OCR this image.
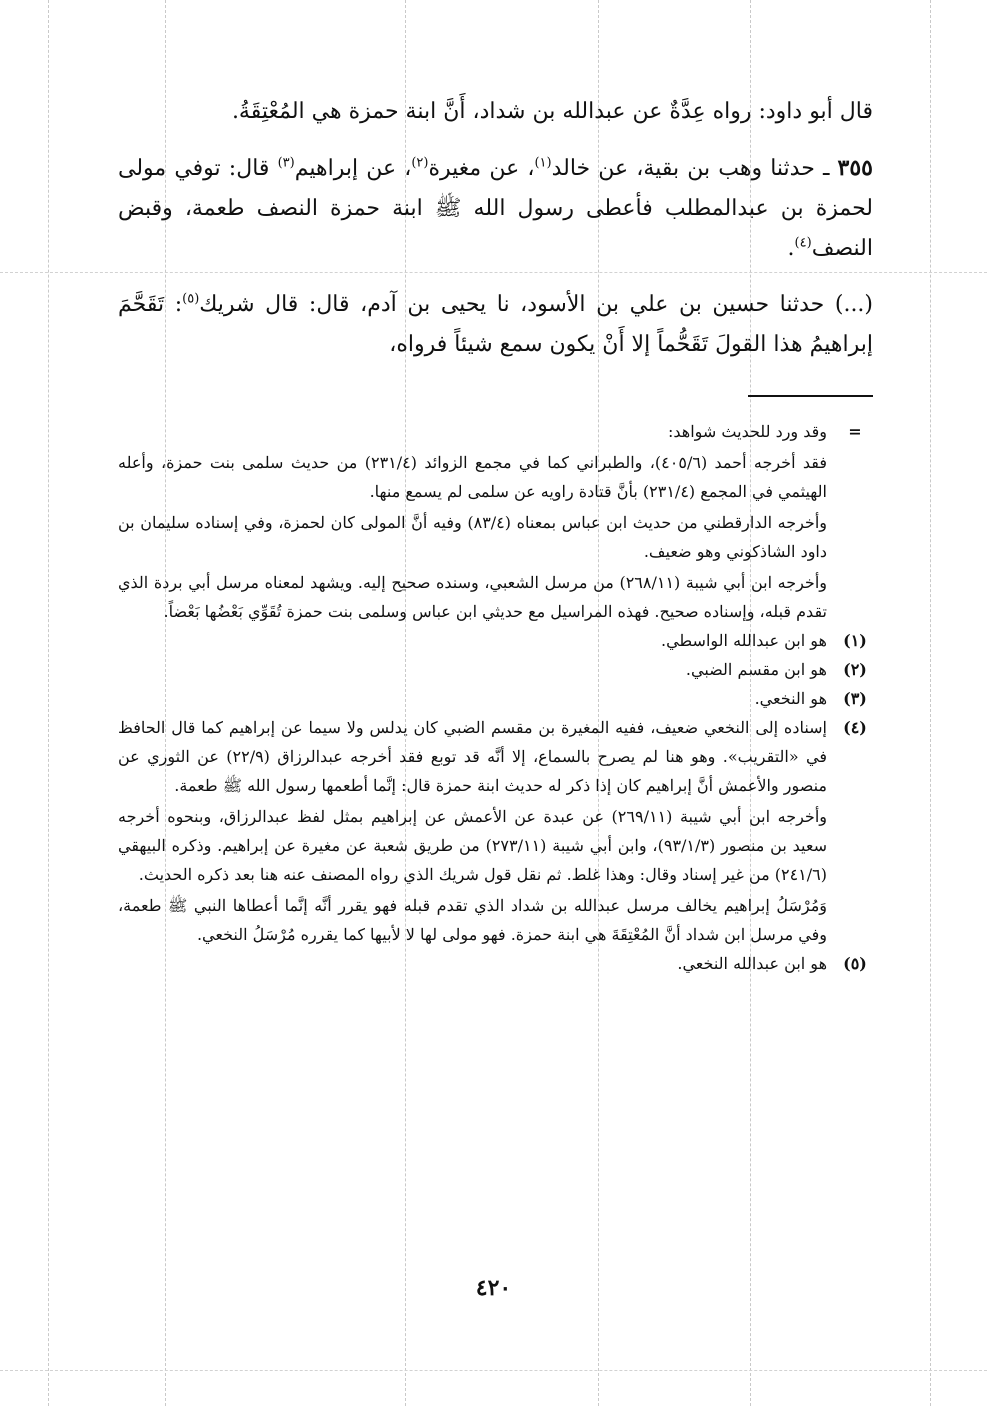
قال أبو داود: رواه عِدَّةٌ عن عبدالله بن شداد، أَنَّ ابنة حمزة هي المُعْتِقَةُ.

٣٥٥ ـ حدثنا وهب بن بقية، عن خالد$^{(١)}$، عن مغيرة$^{(٢)}$، عن إبراهيم$^{(٣)}$ قال: توفي مولى لحمزة بن عبدالمطلب فأعطى رسول الله ﷺ ابنة حمزة النصف طعمة، وقبض النصف$^{(٤)}$.

(...) حدثنا حسين بن علي بن الأسود، نا يحيى بن آدم، قال: قال شريك$^{(٥)}$: تَقَحَّمَ إبراهيمُ هذا القولَ تَقَحُّماً إلا أَنْ يكون سمع شيئاً فرواه،

=

وقد ورد للحديث شواهد:

فقد أخرجه أحمد (٤٠٥/٦)، والطبراني كما في مجمع الزوائد (٢٣١/٤) من حديث سلمى بنت حمزة، وأعله الهيثمي في المجمع (٢٣١/٤) بأنَّ قتادة راويه عن سلمى لم يسمع منها.

وأخرجه الدارقطني من حديث ابن عباس بمعناه (٨٣/٤) وفيه أنَّ المولى كان لحمزة، وفي إسناده سليمان بن داود الشاذكوني وهو ضعيف.

وأخرجه ابن أبي شيبة (٢٦٨/١١) من مرسل الشعبي، وسنده صحيح إليه. ويشهد لمعناه مرسل أبي بردة الذي تقدم قبله، وإسناده صحيح. فهذه المراسيل مع حديثي ابن عباس وسلمى بنت حمزة تُقَوِّي بَعْضُها بَعْضاً.

(١)

هو ابن عبدالله الواسطي.

(٢)

هو ابن مقسم الضبي.

(٣)

هو النخعي.

(٤)

إسناده إلى النخعي ضعيف، ففيه المغيرة بن مقسم الضبي كان يدلس ولا سيما عن إبراهيم كما قال الحافظ في «التقريب». وهو هنا لم يصرح بالسماع، إلا أنَّه قد توبع فقد أخرجه عبدالرزاق (٢٢/٩) عن الثوري عن منصور والأعمش أنَّ إبراهيم كان إذا ذكر له حديث ابنة حمزة قال: إنَّما أطعمها رسول الله ﷺ طعمة.

وأخرجه ابن أبي شيبة (٢٦٩/١١) عن عبدة عن الأعمش عن إبراهيم بمثل لفظ عبدالرزاق، وبنحوه أخرجه سعيد بن منصور (٩٣/١/٣)، وابن أبي شيبة (٢٧٣/١١) من طريق شعبة عن مغيرة عن إبراهيم. وذكره البيهقي (٢٤١/٦) من غير إسناد وقال: وهذا غلط. ثم نقل قول شريك الذي رواه المصنف عنه هنا بعد ذكره الحديث.

وَمُرْسَلُ إبراهيم يخالف مرسل عبدالله بن شداد الذي تقدم قبله فهو يقرر أنَّه إنَّما أعطاها النبي ﷺ طعمة، وفي مرسل ابن شداد أنَّ المُعْتِقَةَ هي ابنة حمزة. فهو مولى لها لا لأبيها كما يقرره مُرْسَلُ النخعي.

(٥)

هو ابن عبدالله النخعي.

٤٢٠
